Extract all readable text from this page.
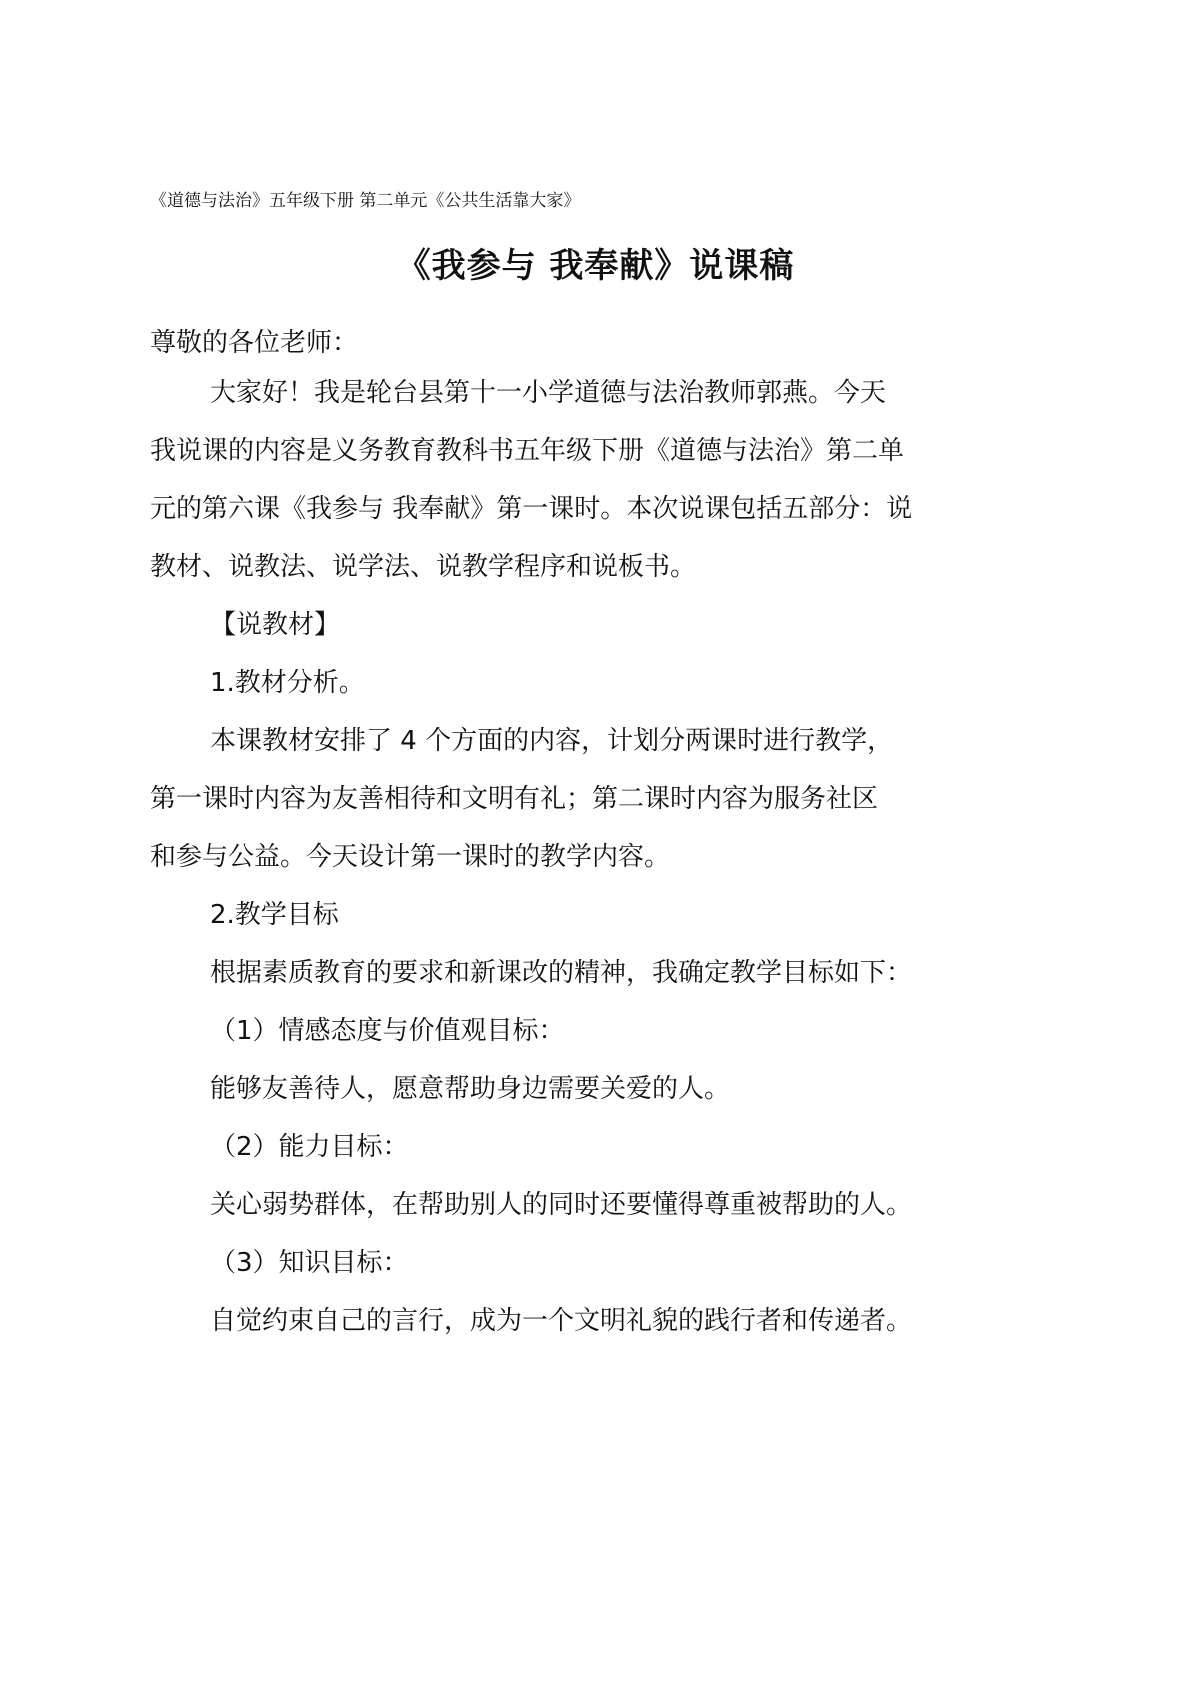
《道德与法治》五年级下册 第二单元《公共生活靠大家》
《我参与 我奉献》说课稿
尊敬的各位老师：
大家好！我是轮台县第十一小学道德与法治教师郭燕。今天
我说课的内容是义务教育教科书五年级下册《道德与法治》第二单
元的第六课《我参与 我奉献》第一课时。本次说课包括五部分：说
教材、说教法、说学法、说教学程序和说板书。
【说教材】
1.教材分析。
本课教材安排了 4 个方面的内容，计划分两课时进行教学，
第一课时内容为友善相待和文明有礼；第二课时内容为服务社区
和参与公益。今天设计第一课时的教学内容。
2.教学目标
根据素质教育的要求和新课改的精神，我确定教学目标如下：
（1）情感态度与价值观目标：
能够友善待人，愿意帮助身边需要关爱的人。
（2）能力目标：
关心弱势群体，在帮助别人的同时还要懂得尊重被帮助的人。
（3）知识目标：
自觉约束自己的言行，成为一个文明礼貌的践行者和传递者。
